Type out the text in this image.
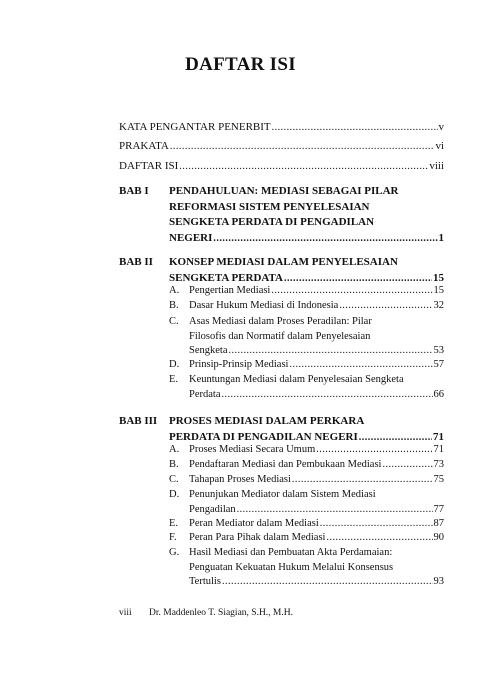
DAFTAR ISI
KATA PENGANTAR PENERBIT .....	v
PRAKATA .....	vi
DAFTAR ISI .....	viii
BAB I	PENDAHULUAN: MEDIASI SEBAGAI PILAR
REFORMASI SISTEM PENYELESAIAN
SENGKETA PERDATA DI PENGADILAN
NEGERI .....	1
BAB II	KONSEP MEDIASI DALAM PENYELESAIAN
SENGKETA PERDATA .....	15
A. Pengertian Mediasi .....	15
B. Dasar Hukum Mediasi di Indonesia .....	32
C. Asas Mediasi dalam Proses Peradilan: Pilar
Filosofis dan Normatif dalam Penyelesaian
Sengketa .....	53
D. Prinsip-Prinsip Mediasi .....	57
E. Keuntungan Mediasi dalam Penyelesaian Sengketa
Perdata .....	66
BAB III	PROSES MEDIASI DALAM PERKARA
PERDATA DI PENGADILAN NEGERI .....	71
A. Proses Mediasi Secara Umum .....	71
B. Pendaftaran Mediasi dan Pembukaan Mediasi .....	73
C. Tahapan Proses Mediasi .....	75
D. Penunjukan Mediator dalam Sistem Mediasi
Pengadilan .....	77
E. Peran Mediator dalam Mediasi .....	87
F. Peran Para Pihak dalam Mediasi .....	90
G. Hasil Mediasi dan Pembuatan Akta Perdamaian:
Penguatan Kekuatan Hukum Melalui Konsensus
Tertulis .....	93
viii Dr. Maddenleo T. Siagian, S.H., M.H.
